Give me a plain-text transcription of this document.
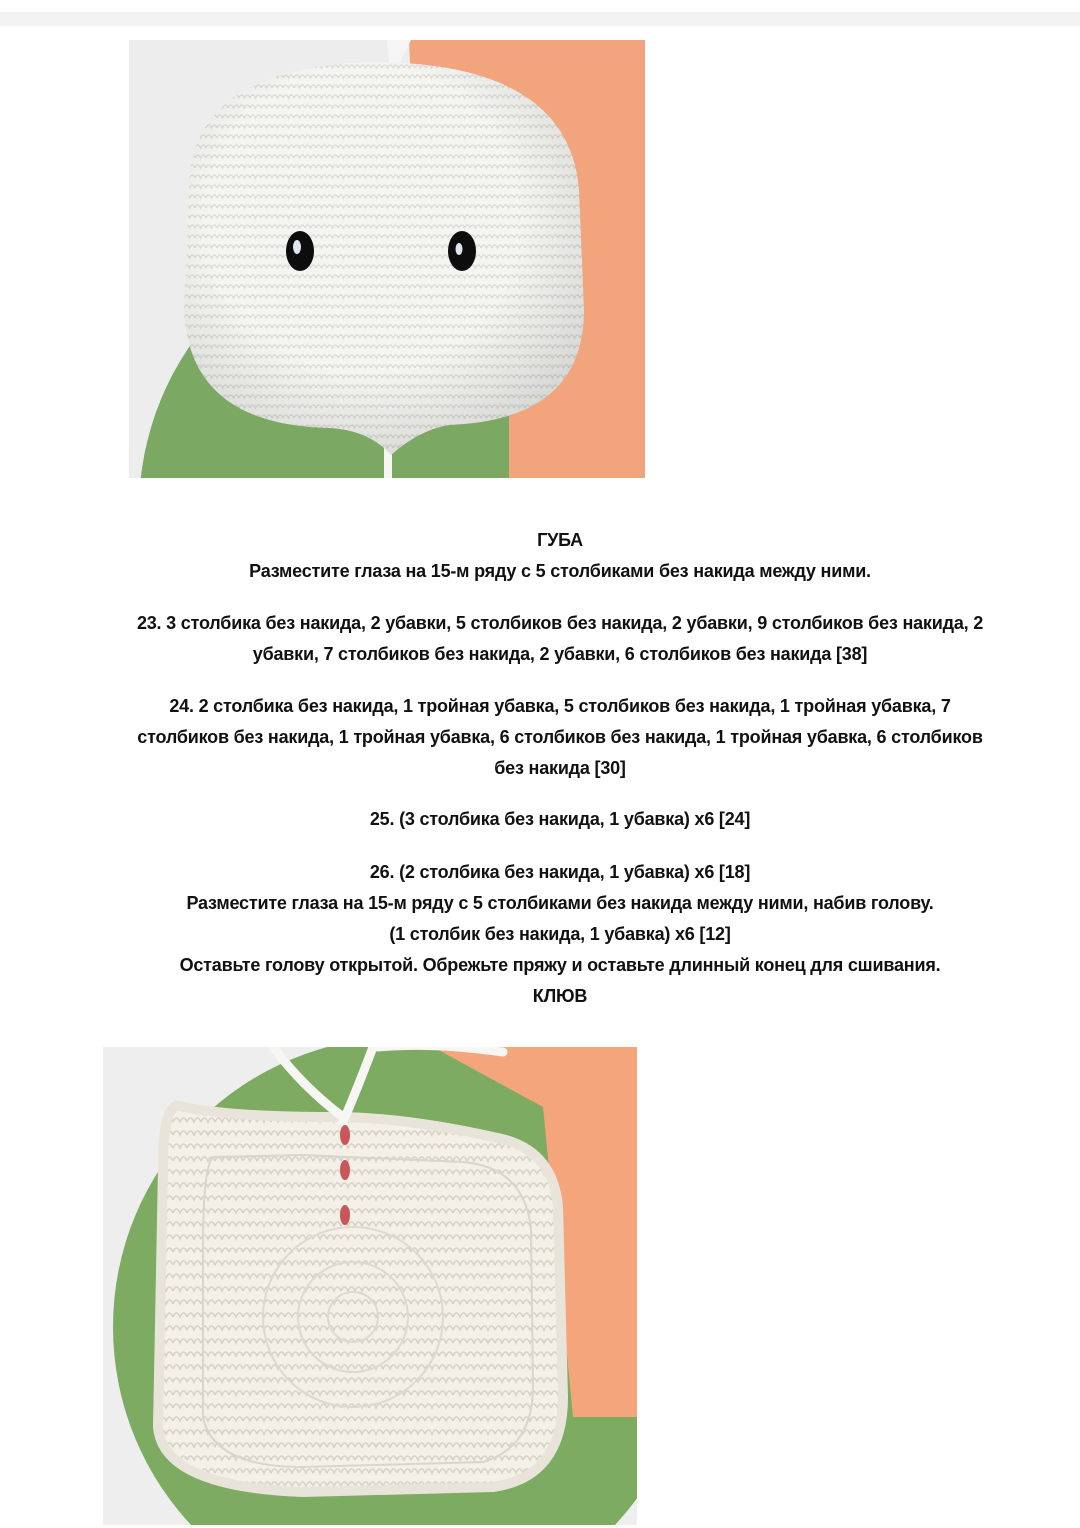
ГУБА

Разместите глаза на 15-м ряду с 5 столбиками без накида между ними.

23. 3 столбика без накида, 2 убавки, 5 столбиков без накида, 2 убавки, 9 столбиков без накида, 2

убавки, 7 столбиков без накида, 2 убавки, 6 столбиков без накида [38]

24. 2 столбика без накида, 1 тройная убавка, 5 столбиков без накида, 1 тройная убавка, 7

столбиков без накида, 1 тройная убавка, 6 столбиков без накида, 1 тройная убавка, 6 столбиков

без накида [30]

25. (3 столбика без накида, 1 убавка) x6 [24]

26. (2 столбика без накида, 1 убавка) x6 [18]

Разместите глаза на 15-м ряду с 5 столбиками без накида между ними, набив голову.

(1 столбик без накида, 1 убавка) x6 [12]

Оставьте голову открытой. Обрежьте пряжу и оставьте длинный конец для сшивания.

КЛЮВ
